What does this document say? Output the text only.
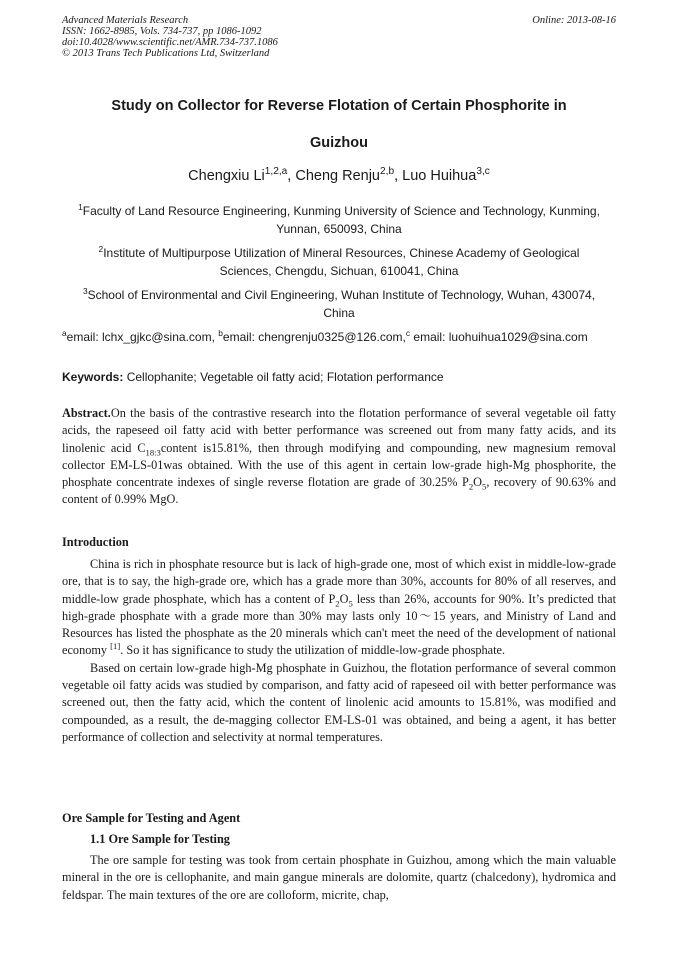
Advanced Materials Research
ISSN: 1662-8985, Vols. 734-737, pp 1086-1092
doi:10.4028/www.scientific.net/AMR.734-737.1086
© 2013 Trans Tech Publications Ltd, Switzerland
Online: 2013-08-16
Study on Collector for Reverse Flotation of Certain Phosphorite in
Guizhou
Chengxiu Li$^{1,2,a}$, Cheng Renju$^{2,b}$, Luo Huihua$^{3,c}$
$^1$Faculty of Land Resource Engineering, Kunming University of Science and Technology, Kunming,
Yunnan, 650093, China
$^2$Institute of Multipurpose Utilization of Mineral Resources, Chinese Academy of Geological
Sciences, Chengdu, Sichuan, 610041, China
$^3$School of Environmental and Civil Engineering, Wuhan Institute of Technology, Wuhan, 430074,
China
$^a$email: lchx_gjkc@sina.com, $^b$email: chengrenju0325@126.com,$^c$ email: luohuihua1029@sina.com
Keywords: Cellophanite; Vegetable oil fatty acid; Flotation performance
Abstract.On the basis of the contrastive research into the flotation performance of several vegetable oil fatty acids, the rapeseed oil fatty acid with better performance was screened out from many fatty acids, and its linolenic acid $C_{18:3}content$ is15.81%, then through modifying and compounding, new magnesium removal collector EM-LS-01was obtained. With the use of this agent in certain low-grade high-Mg phosphorite, the phosphate concentrate indexes of single reverse flotation are grade of 30.25% $P_2O_5$, recovery of 90.63% and content of 0.99% MgO.
Introduction

China is rich in phosphate resource but is lack of high-grade one, most of which exist in middle-low-grade ore, that is to say, the high-grade ore, which has a grade more than 30%, accounts for 80% of all reserves, and middle-low grade phosphate, which has a content of $P_2O_5$ less than 26%, accounts for 90%. It’s predicted that high-grade phosphate with a grade more than 30% may lasts only 10～15 years, and Ministry of Land and Resources has listed the phosphate as the 20 minerals which can't meet the need of the development of national economy [1]. So it has significance to study the utilization of middle-low-grade phosphate.

Based on certain low-grade high-Mg phosphate in Guizhou, the flotation performance of several common vegetable oil fatty acids was studied by comparison, and fatty acid of rapeseed oil with better performance was screened out, then the fatty acid, which the content of linolenic acid amounts to 15.81%, was modified and compounded, as a result, the de-magging collector EM-LS-01 was obtained, and being a agent, it has better performance of collection and selectivity at normal temperatures.

Ore Sample for Testing and Agent
1.1 Ore Sample for Testing

The ore sample for testing was took from certain phosphate in Guizhou, among which the main valuable mineral in the ore is cellophanite, and main gangue minerals are dolomite, quartz (chalcedony), hydromica and feldspar. The main textures of the ore are colloform, micrite, chap,
